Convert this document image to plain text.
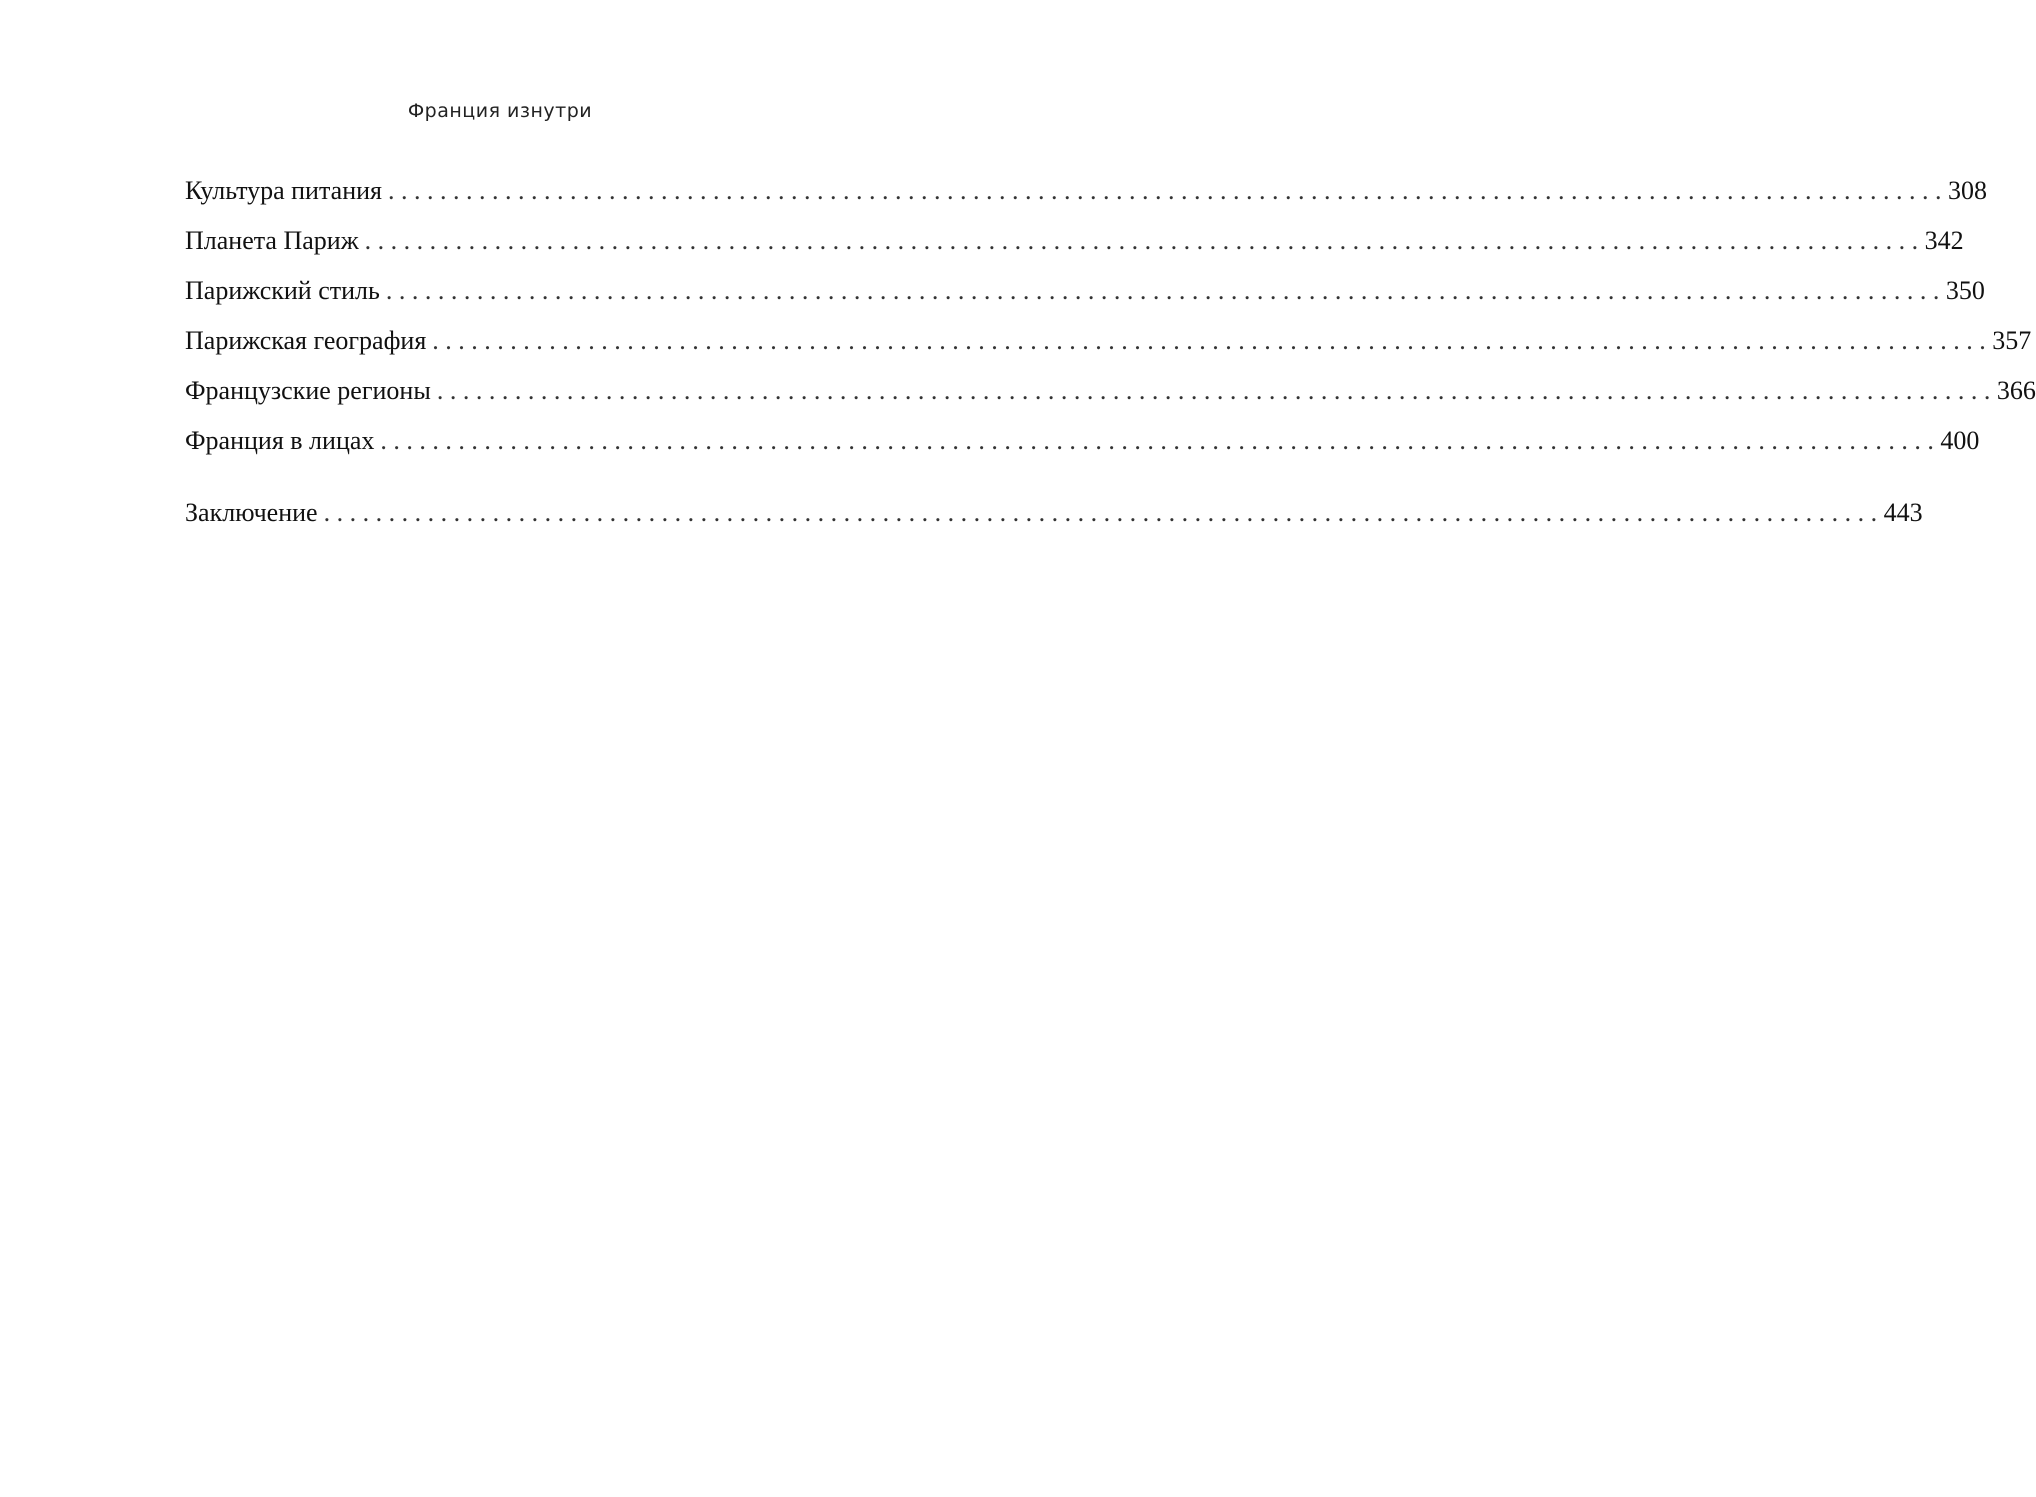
Франция изнутри
Культура питания ........................................................................................................................ 308
Планета Париж ........................................................................................................................ 342
Парижский стиль ........................................................................................................................ 350
Парижская география ........................................................................................................................ 357
Французские регионы ........................................................................................................................ 366
Франция в лицах ........................................................................................................................ 400
Заключение ........................................................................................................................ 443
